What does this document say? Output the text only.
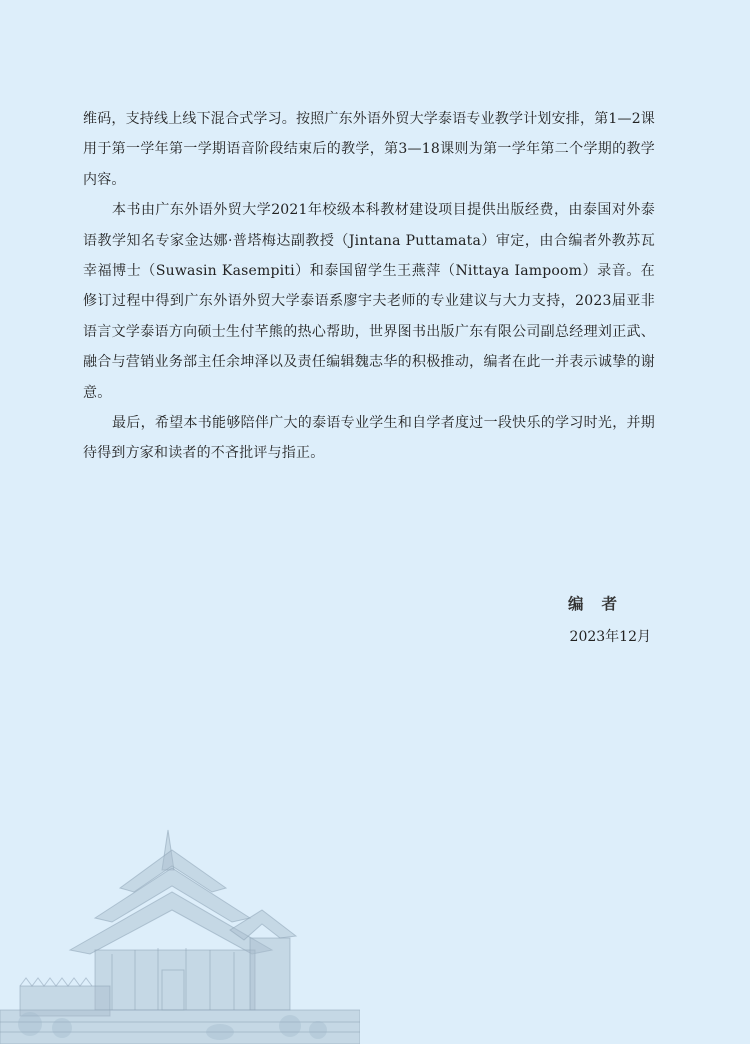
维码，支持线上线下混合式学习。按照广东外语外贸大学泰语专业教学计划安排，第1—2课用于第一学年第一学期语音阶段结束后的教学，第3—18课则为第一学年第二个学期的教学内容。

本书由广东外语外贸大学2021年校级本科教材建设项目提供出版经费，由泰国对外泰语教学知名专家金达娜·普塔梅达副教授（Jintana Puttamata）审定，由合编者外教苏瓦幸福博士（Suwasin Kasempiti）和泰国留学生王燕萍（Nittaya Iampoom）录音。在修订过程中得到广东外语外贸大学泰语系廖宇夫老师的专业建议与大力支持，2023届亚非语言文学泰语方向硕士生付芊熊的热心帮助，世界图书出版广东有限公司副总经理刘正武、融合与营销业务部主任余坤泽以及责任编辑魏志华的积极推动，编者在此一并表示诚挚的谢意。

最后，希望本书能够陪伴广大的泰语专业学生和自学者度过一段快乐的学习时光，并期待得到方家和读者的不吝批评与指正。

编者
2023年12月
